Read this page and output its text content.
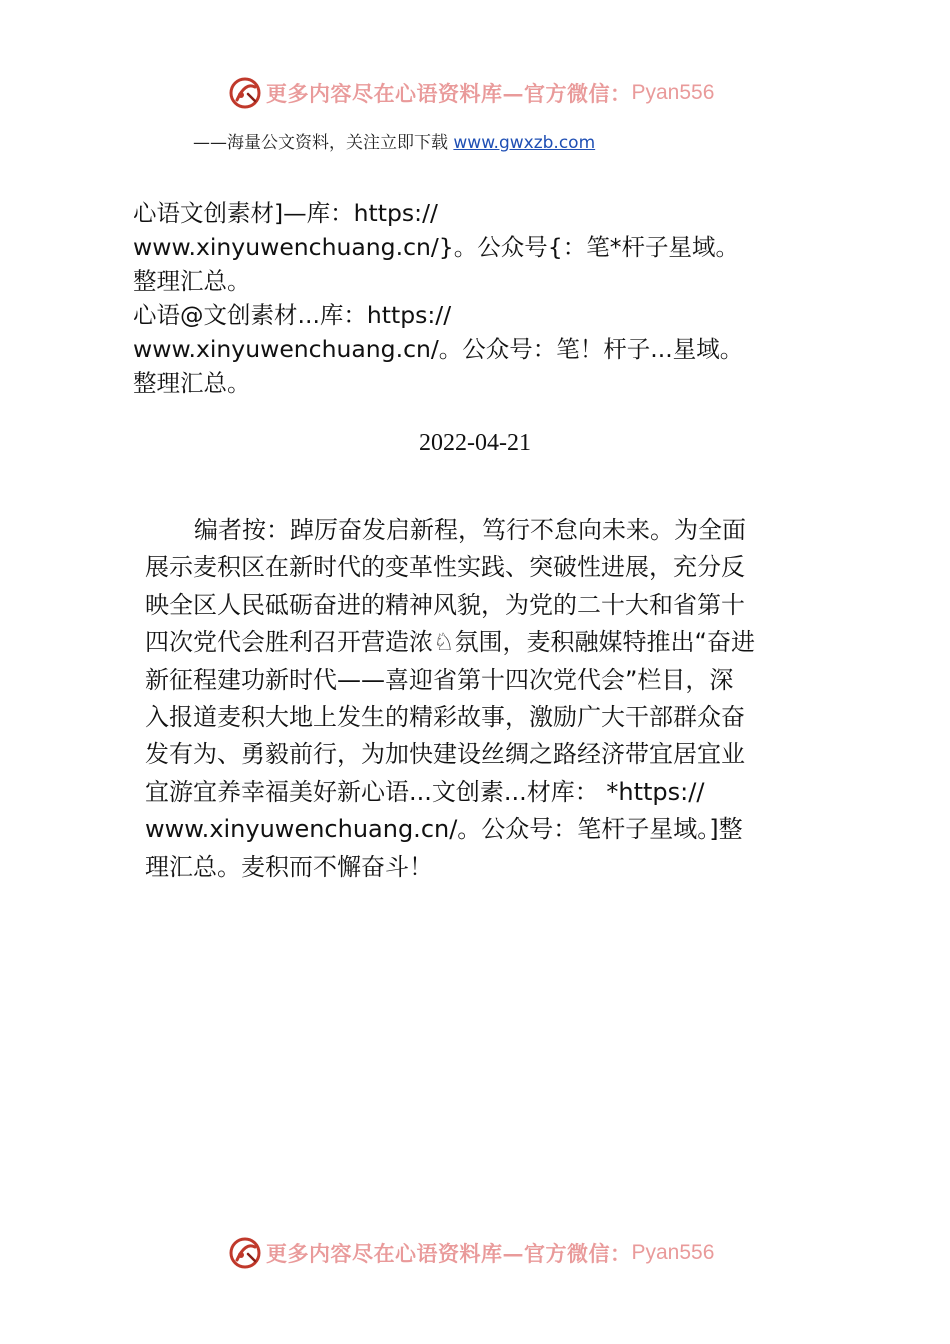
更多内容尽在心语资料库—官方微信： Pyan556
——海量公文资料，关注立即下载 www.gwxzb.com
心语文创素材]—库：https://
www.xinyuwenchuang.cn/}。公众号{：笔*杆子星域。
整理汇总。
心语@文创素材...库：https://
www.xinyuwenchuang.cn/。公众号：笔！杆子...星域。
整理汇总。
2022-04-21
编者按：踔厉奋发启新程，笃行不怠向未来。为全面
展示麦积区在新时代的变革性实践、突破性进展，充分反
映全区人民砥砺奋进的精神风貌，为党的二十大和省第十
四次党代会胜利召开营造浓♘氛围，麦积融媒特推出“奋进
新征程建功新时代——喜迎省第十四次党代会”栏目，深
入报道麦积大地上发生的精彩故事，激励广大干部群众奋
发有为、勇毅前行，为加快建设丝绸之路经济带宜居宜业
宜游宜养幸福美好新心语...文创素...材库： *https://
www.xinyuwenchuang.cn/。公众号：笔杆子星域。]整
理汇总。麦积而不懈奋斗！
更多内容尽在心语资料库—官方微信： Pyan556
